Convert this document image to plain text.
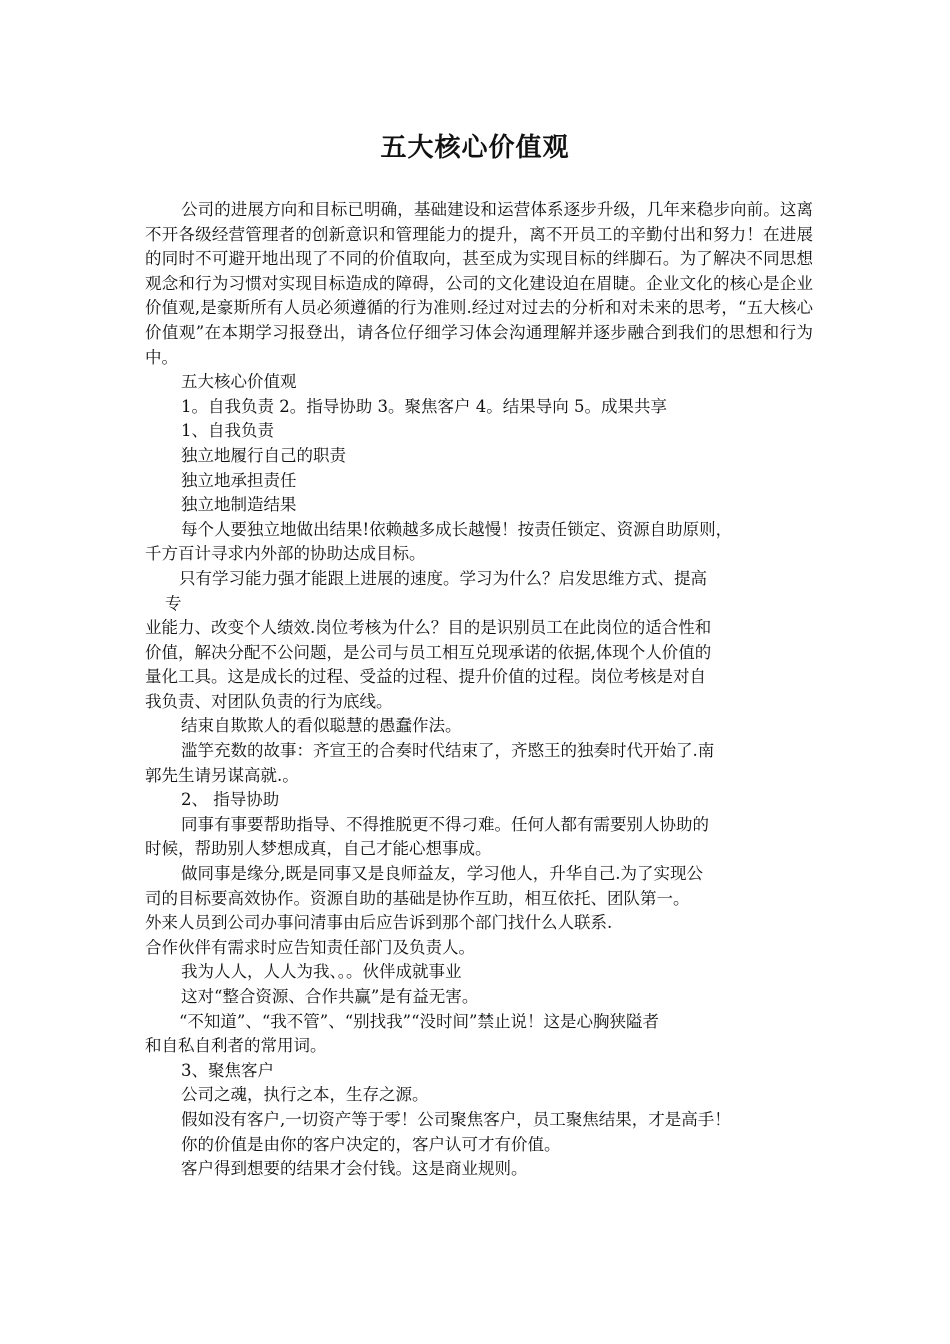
五大核心价值观

公司的进展方向和目标已明确，基础建设和运营体系逐步升级，几年来稳步向前。这离不开各级经营管理者的创新意识和管理能力的提升，离不开员工的辛勤付出和努力！在进展的同时不可避开地出现了不同的价值取向，甚至成为实现目标的绊脚石。为了解决不同思想观念和行为习惯对实现目标造成的障碍，公司的文化建设迫在眉睫。企业文化的核心是企业价值观,是豪斯所有人员必须遵循的行为准则.经过对过去的分析和对未来的思考，“五大核心价值观”在本期学习报登出，请各位仔细学习体会沟通理解并逐步融合到我们的思想和行为中。

五大核心价值观

1。自我负责 2。指导协助 3。聚焦客户 4。结果导向 5。成果共享

1、自我负责

独立地履行自己的职责

独立地承担责任

独立地制造结果

每个人要独立地做出结果!依赖越多成长越慢！按责任锁定、资源自助原则，

千方百计寻求内外部的协助达成目标。

只有学习能力强才能跟上进展的速度。学习为什么？启发思维方式、提高

专

业能力、改变个人绩效.岗位考核为什么？目的是识别员工在此岗位的适合性和

价值，解决分配不公问题，是公司与员工相互兑现承诺的依据,体现个人价值的

量化工具。这是成长的过程、受益的过程、提升价值的过程。岗位考核是对自

我负责、对团队负责的行为底线。

结束自欺欺人的看似聪慧的愚蠢作法。

滥竽充数的故事：齐宣王的合奏时代结束了，齐愍王的独奏时代开始了.南

郭先生请另谋高就.。

2、 指导协助

同事有事要帮助指导、不得推脱更不得刁难。任何人都有需要别人协助的

时候，帮助别人梦想成真，自己才能心想事成。

做同事是缘分,既是同事又是良师益友，学习他人，升华自己.为了实现公

司的目标要高效协作。资源自助的基础是协作互助，相互依托、团队第一。

外来人员到公司办事问清事由后应告诉到那个部门找什么人联系.

合作伙伴有需求时应告知责任部门及负责人。

我为人人，人人为我、。。伙伴成就事业

这对“整合资源、合作共赢”是有益无害。

“不知道”、“我不管”、“别找我”“没时间”禁止说！这是心胸狭隘者

和自私自利者的常用词。

3、聚焦客户

公司之魂，执行之本，生存之源。

假如没有客户,一切资产等于零！公司聚焦客户，员工聚焦结果，才是高手！

你的价值是由你的客户决定的，客户认可才有价值。

客户得到想要的结果才会付钱。这是商业规则。
